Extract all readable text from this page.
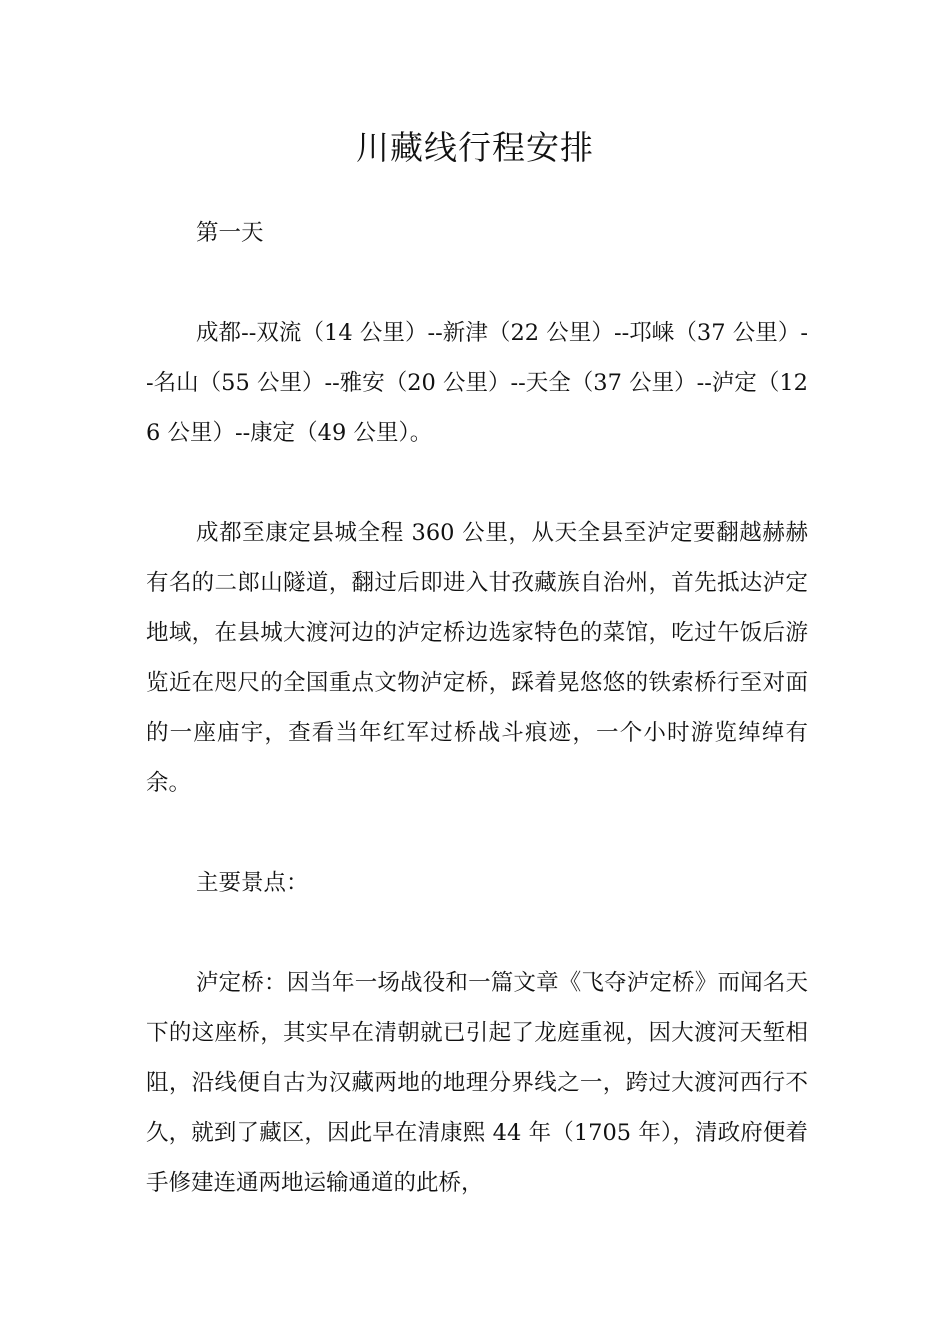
川藏线行程安排

第一天

成都--双流（14 公里）--新津（22 公里）--邛崃（37 公里）--名山（55 公里）--雅安（20 公里）--天全（37 公里）--泸定（126 公里）--康定（49 公里）。

成都至康定县城全程 360 公里，从天全县至泸定要翻越赫赫有名的二郎山隧道，翻过后即进入甘孜藏族自治州，首先抵达泸定地域，在县城大渡河边的泸定桥边选家特色的菜馆，吃过午饭后游览近在咫尺的全国重点文物泸定桥，踩着晃悠悠的铁索桥行至对面的一座庙宇，查看当年红军过桥战斗痕迹，一个小时游览绰绰有余。

主要景点：

泸定桥：因当年一场战役和一篇文章《飞夺泸定桥》而闻名天下的这座桥，其实早在清朝就已引起了龙庭重视，因大渡河天堑相阻，沿线便自古为汉藏两地的地理分界线之一，跨过大渡河西行不久，就到了藏区，因此早在清康熙 44 年（1705 年），清政府便着手修建连通两地运输通道的此桥，
